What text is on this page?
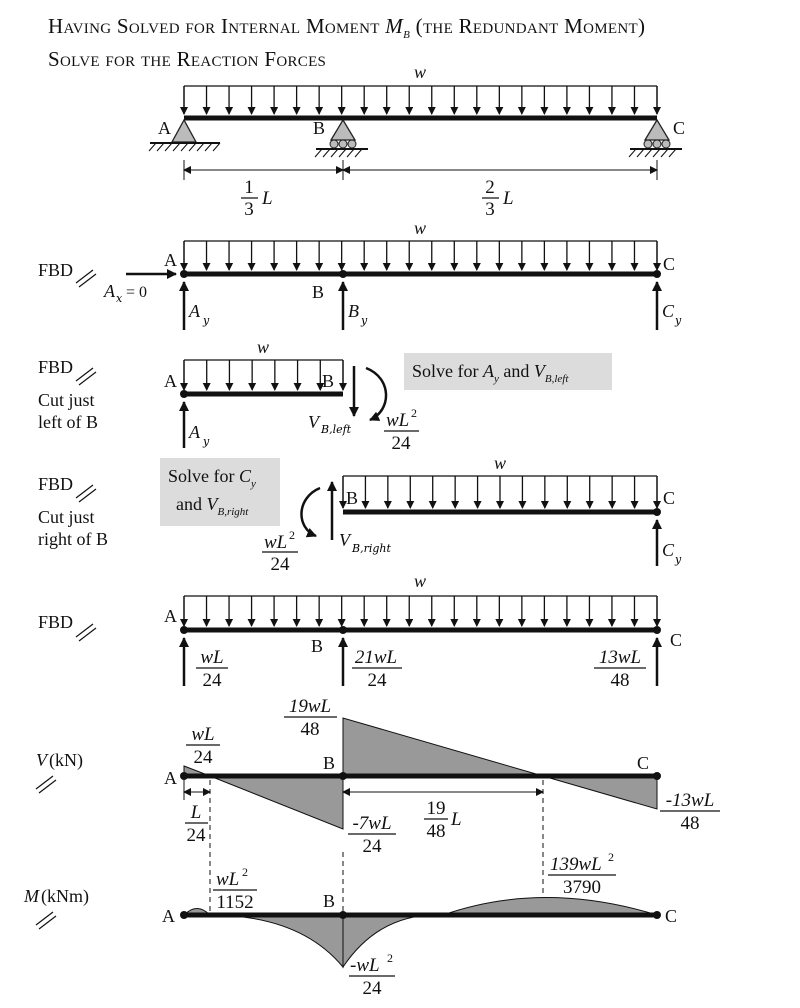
Having Solved for Internal Moment $M_B$ (the Redundant Moment)
Solve for the Reaction Forces
w
A	B	C
1
3
L
2
3
L
FBD
w
A
B
C
A x = 0
A y	B y	C y
FBD
Cut just
left of B
w
A	B
A y
V B,left wL 2
24
Solve for $A_y$ and $V_{B,left}$
FBD
Cut just
right of B
Solve for $C_y$
and $V_{B,right}$
w
B	C
V B,right
wL 2
24
C y
FBD
w
A
B	C
wL
24
21wL
24
13wL
48
V (kN)
A
B	C
wL
24
19wL
48
-7wL
24
-13wL
48
L
24
19
48
L
M (kNm)
A
B
C
wL 2
1152
139wL 2
3790
-wL 2
24
